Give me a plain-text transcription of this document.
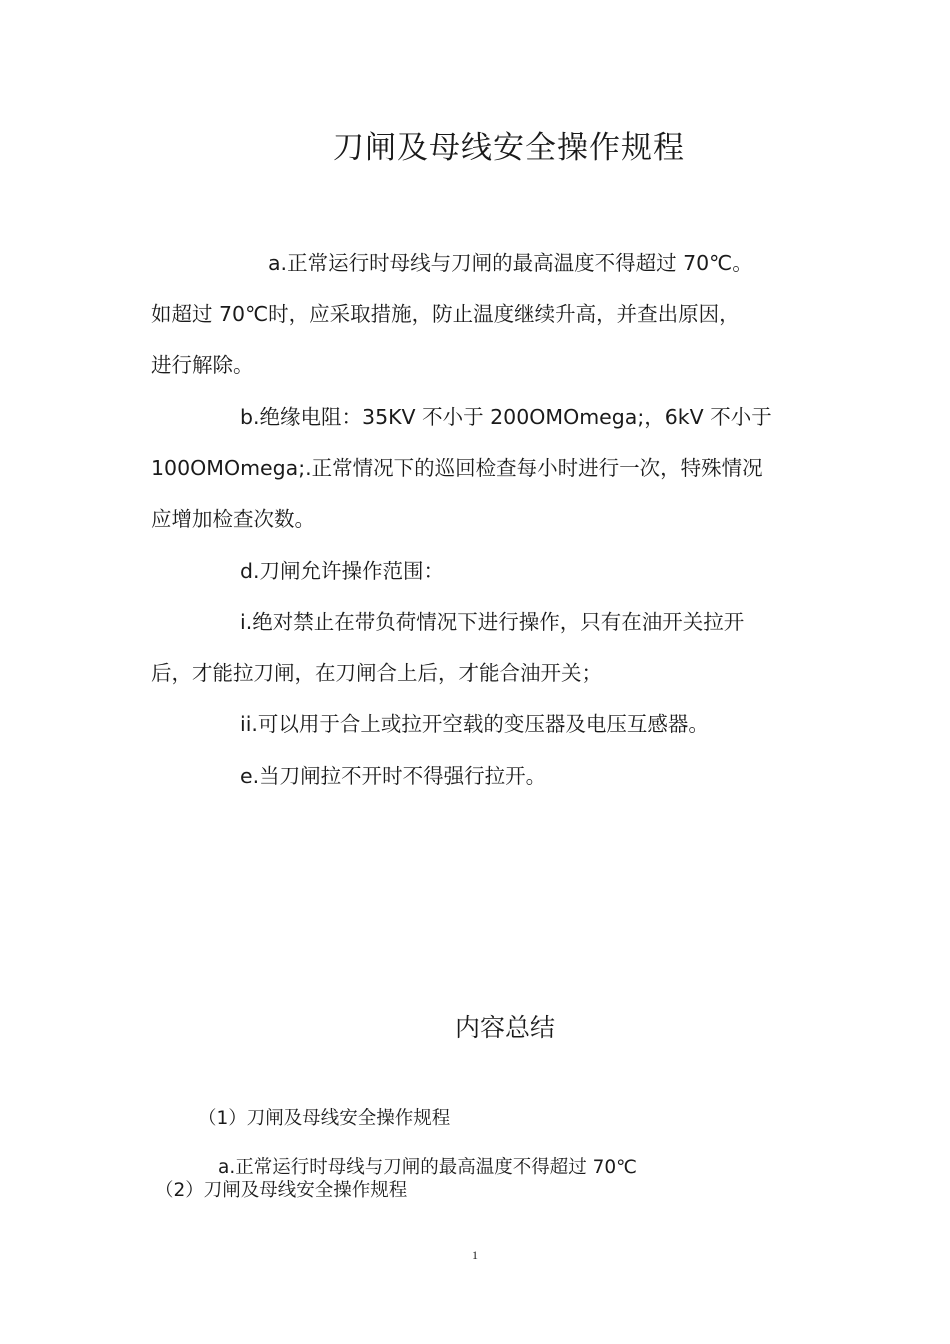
刀闸及母线安全操作规程
a.正常运行时母线与刀闸的最高温度不得超过 70℃。
如超过 70℃时，应采取措施，防止温度继续升高，并查出原因，
进行解除。
b.绝缘电阻：35KV 不小于 200OMOmega;，6kV 不小于
100OMOmega;.正常情况下的巡回检查每小时进行一次，特殊情况
应增加检查次数。
d.刀闸允许操作范围：
i.绝对禁止在带负荷情况下进行操作，只有在油开关拉开
后，才能拉刀闸，在刀闸合上后，才能合油开关；
ii.可以用于合上或拉开空载的变压器及电压互感器。
e.当刀闸拉不开时不得强行拉开。
内容总结
（1）刀闸及母线安全操作规程
a.正常运行时母线与刀闸的最高温度不得超过 70℃
（2）刀闸及母线安全操作规程
1
